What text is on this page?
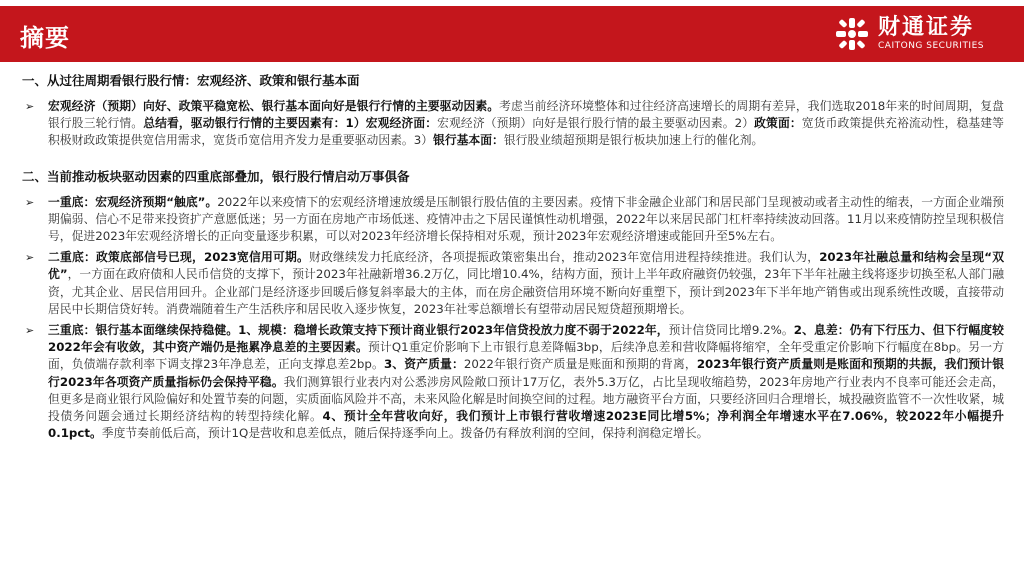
摘要	财通证券
CAITONG SECURITIES
一、从过往周期看银行股行情：宏观经济、政策和银行基本面
➢ 宏观经济（预期）向好、政策平稳宽松、银行基本面向好是银行行情的主要驱动因素。考虑当前经济环境整体和过往经济高速增长的周期有差异，我们选取2018年来的时间周期，复盘银行股三轮行情。总结看，驱动银行行情的主要因素有：1）宏观经济面：宏观经济（预期）向好是银行股行情的最主要驱动因素。2）政策面：宽货币政策提供充裕流动性，稳基建等积极财政政策提供宽信用需求，宽货币宽信用齐发力是重要驱动因素。3）银行基本面：银行股业绩超预期是银行板块加速上行的催化剂。
二、当前推动板块驱动因素的四重底部叠加，银行股行情启动万事俱备
➢ 一重底：宏观经济预期“触底”。2022年以来疫情下的宏观经济增速放缓是压制银行股估值的主要因素。疫情下非金融企业部门和居民部门呈现被动或者主动性的缩表，一方面企业端预期偏弱、信心不足带来投资扩产意愿低迷；另一方面在房地产市场低迷、疫情冲击之下居民谨慎性动机增强，2022年以来居民部门杠杆率持续波动回落。11月以来疫情防控呈现积极信号，促进2023年宏观经济增长的正向变量逐步积累，可以对2023年经济增长保持相对乐观，预计2023年宏观经济增速或能回升至5%左右。
➢ 二重底：政策底部信号已现，2023宽信用可期。财政继续发力托底经济，各项提振政策密集出台，推动2023年宽信用进程持续推进。我们认为，2023年社融总量和结构会呈现“双优”，一方面在政府债和人民币信贷的支撑下，预计2023年社融新增36.2万亿，同比增10.4%，结构方面，预计上半年政府融资仍较强，23年下半年社融主线将逐步切换至私人部门融资，尤其企业、居民信用回升。企业部门是经济逐步回暖后修复斜率最大的主体，而在房企融资信用环境不断向好重塑下，预计到2023年下半年地产销售或出现系统性改暖，直接带动居民中长期信贷好转。消费端随着生产生活秩序和居民收入逐步恢复，2023年社零总额增长有望带动居民短贷超预期增长。
➢ 三重底：银行基本面继续保持稳健。1、规模：稳增长政策支持下预计商业银行2023年信贷投放力度不弱于2022年，预计信贷同比增9.2%。2、息差：仍有下行压力、但下行幅度较2022年会有收敛，其中资产端仍是拖累净息差的主要因素。预计Q1重定价影响下上市银行息差降幅3bp，后续净息差和营收降幅将缩窄，全年受重定价影响下行幅度在8bp。另一方面，负债端存款利率下调支撑23年净息差，正向支撑息差2bp。3、资产质量：2022年银行资产质量是账面和预期的背离，2023年银行资产质量则是账面和预期的共振，我们预计银行2023年各项资产质量指标仍会保持平稳。我们测算银行业表内对公悉涉房风险敞口预计17万亿，表外5.3万亿，占比呈现收缩趋势，2023年房地产行业表内不良率可能还会走高，但更多是商业银行风险偏好和处置节奏的问题，实质面临风险并不高，未来风险化解是时间换空间的过程。地方融资平台方面，只要经济回归合理增长，城投融资监管不一次性收紧，城投债务问题会通过长期经济结构的转型持续化解。4、预计全年营收向好，我们预计上市银行营收增速2023E同比增5%；净利润全年增速水平在7.06%，较2022年小幅提升0.1pct。季度节奏前低后高，预计1Q是营收和息差低点，随后保持逐季向上。拨备仍有释放利润的空间，保持利润稳定增长。
